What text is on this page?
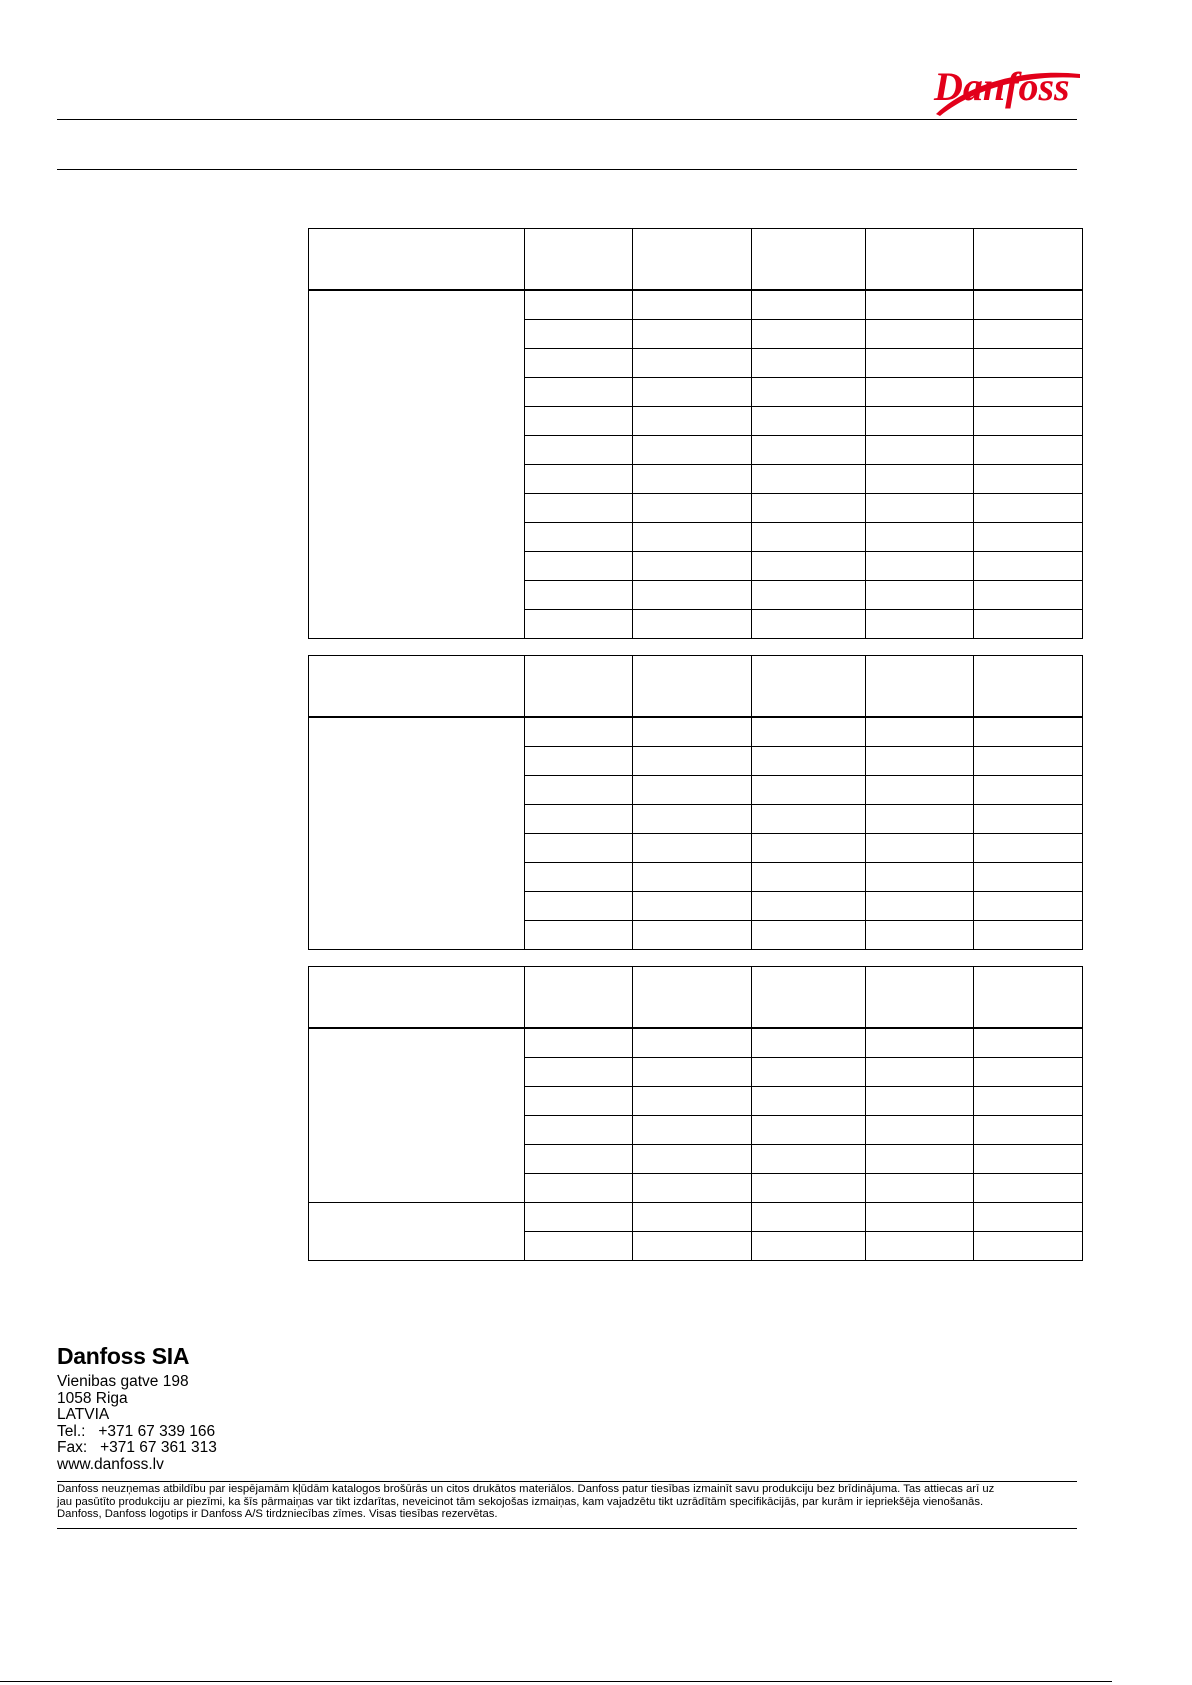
Danfoss

Danfoss SIA
Vienibas gatve 198
1058 Riga
LATVIA
Tel.:   +371 67 339 166
Fax:   +371 67 361 313
www.danfoss.lv
Danfoss neuzņemas atbildību par iespējamām kļūdām katalogos brošūrās un citos drukātos materiālos. Danfoss patur tiesības izmainīt savu produkciju bez brīdinājuma. Tas attiecas arī uz
jau pasūtīto produkciju ar piezīmi, ka šīs pārmaiņas var tikt izdarītas, neveicinot tām sekojošas izmaiņas, kam vajadzētu tikt uzrādītām specifikācijās, par kurām ir iepriekšēja vienošanās.
Danfoss, Danfoss logotips ir Danfoss A/S tirdzniecības zīmes. Visas tiesības rezervētas.
